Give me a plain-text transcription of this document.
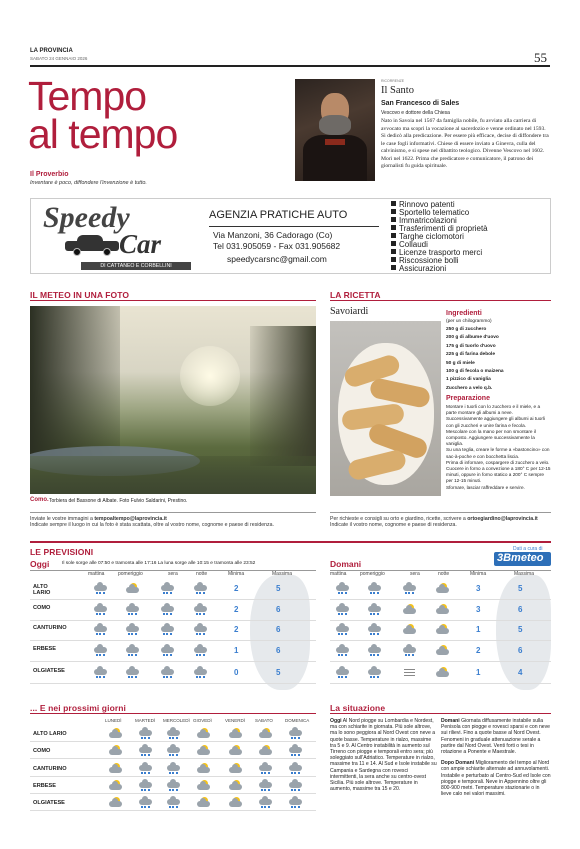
LA PROVINCIA
SABATO 24 GENNAIO 2026	55
Tempo
al tempo
Il Proverbio
Inventare è poco, diffondere l'invenzione è tutto.
RICORRENZE
Il Santo
San Francesco di Sales
Vescovo e dottore della Chiesa
Nato in Savoia nel 1567 da famiglia nobile, fu avviato alla carriera di avvocato ma scoprì la vocazione al sacerdozio e venne ordinato nel 1593. Si dedicò alla predicazione. Per essere più efficace, decise di diffondere tra le case fogli informativi. Chiese di essere inviato a Ginevra, culla del calvinismo, e si spese nel dibattito teologico. Divenne Vescovo nel 1602. Morì nel 1622. Prima che predicatore e comunicatore, il patrono dei giornalisti fu guida spirituale.
Speedy
Car
DI CATTANEO E CORBELLINI
AGENZIA PRATICHE AUTO
Via Manzoni, 36 Cadorago (Co)
Tel 031.905059 - Fax 031.905682
speedycarsnc@gmail.com
Rinnovo patenti
Sportello telematico
Immatricolazioni
Trasferimenti di proprietà
Targhe ciclomotori
Collaudi
Licenze trasporto merci
Riscossione bolli
Assicurazioni
IL METEO IN UNA FOTO
Como. Torbiera del Bassone di Albate. Foto Fulvio Saldarini, Prestino.
Inviate le vostre immagini a tempoaltempo@laprovincia.it
Indicate sempre il luogo in cui la foto è stata scattata, oltre al vostro nome, cognome e paese di residenza.
LA RICETTA
Savoiardi	Ingredienti
(per un chilogrammo)
250 g di zucchero
200 g di albume d'uovo
175 g di tuorlo d'uovo
225 g di farina debole
50 g di miele
100 g di fecola o maizena
1 pizzico di vaniglia
Zucchero a velo q.b.
Preparazione
Montare i tuorli con lo zucchero e il miele, e a parte montare gli albumi a neve.
Successivamente aggiungere gli albumi ai tuorli con gli zuccheri e unire farina e fecola.
Mescolare con la mano per non smontare il composto. Aggiungere successivamente la vaniglia.
Su una teglia, creare le forme a «bastoncino» con sac-à-poche e con bocchetta liscia.
Prima di infornare, cospargere di zucchero a velo. Cuocere in forno a convezione a 180° C per 12-15 minuti, oppure in forno statico a 200° C sempre per 12-15 minuti.
Sfornare, lasciar raffreddare e servire.
Per richieste e consigli su orto e giardino, ricette, scrivere a ortoegiardino@laprovincia.it
Indicate il vostro nome, cognome e paese di residenza.
LE PREVISIONI	Dati a cura di
3Bmeteo
Oggi	Il sole sorge alle 07:50 e tramonta alle 17:16 La luna sorge alle 10:15 e tramonta alle 23:52	Domani
mattina	pomeriggio	sera	notte	Minima	Massima
ALTO LARIO	2	5
COMO	2	6
CANTURINO	2	6
ERBESE	1	6
OLGIATESE	0	5
mattina	pomeriggio	sera	notte	Minima	Massima
3	5
3	6
1	5
2	6
1	4
... E nei prossimi giorni
LUNEDÌ	MARTEDÌ MERCOLEDÌ GIOVEDÌ	VENERDÌ SABATO	DOMENICA
ALTO LARIO
COMO
CANTURINO
ERBESE
OLGIATESE
La situazione
Oggi Al Nord piogge su Lombardia e Nordest, ma con schiarite in giornata. Più sole altrove, ma lo sono peggiora al Nord Ovest con neve a quote basse. Temperature in rialzo, massime tra 5 e 9. Al Centro instabilità in aumento sul Tirreno con piogge e temporali entro sera; più soleggiato sull'Adriatico. Temperature in rialzo, massime tra 11 e 14. Al Sud e Isole instabile su Campania e Sardegna con rovesci intermittenti, la sera anche su centro-ovest Sicilia. Più sole altrove. Temperature in aumento, massime tra 15 e 20.
Domani Giornata diffusamente instabile sulla Penisola con piogge e rovesci sparsi e con neve sui rilievi. Fino a quote basse al Nord Ovest. Fenomeni in graduale attenuazione serale a partire dal Nord Ovest. Venti forti o tesi in rotazione a Ponente e Maestrale.
Dopo Domani Miglioramento del tempo al Nord con ampie schiarite alternate ad annuvolamenti. Instabile e perturbato al Centro-Sud ed Isole con piogge e temporali. Neve in Appennino oltre gli 800-900 metri. Temperature stazionarie o in lieve calo nei valori massimi.
